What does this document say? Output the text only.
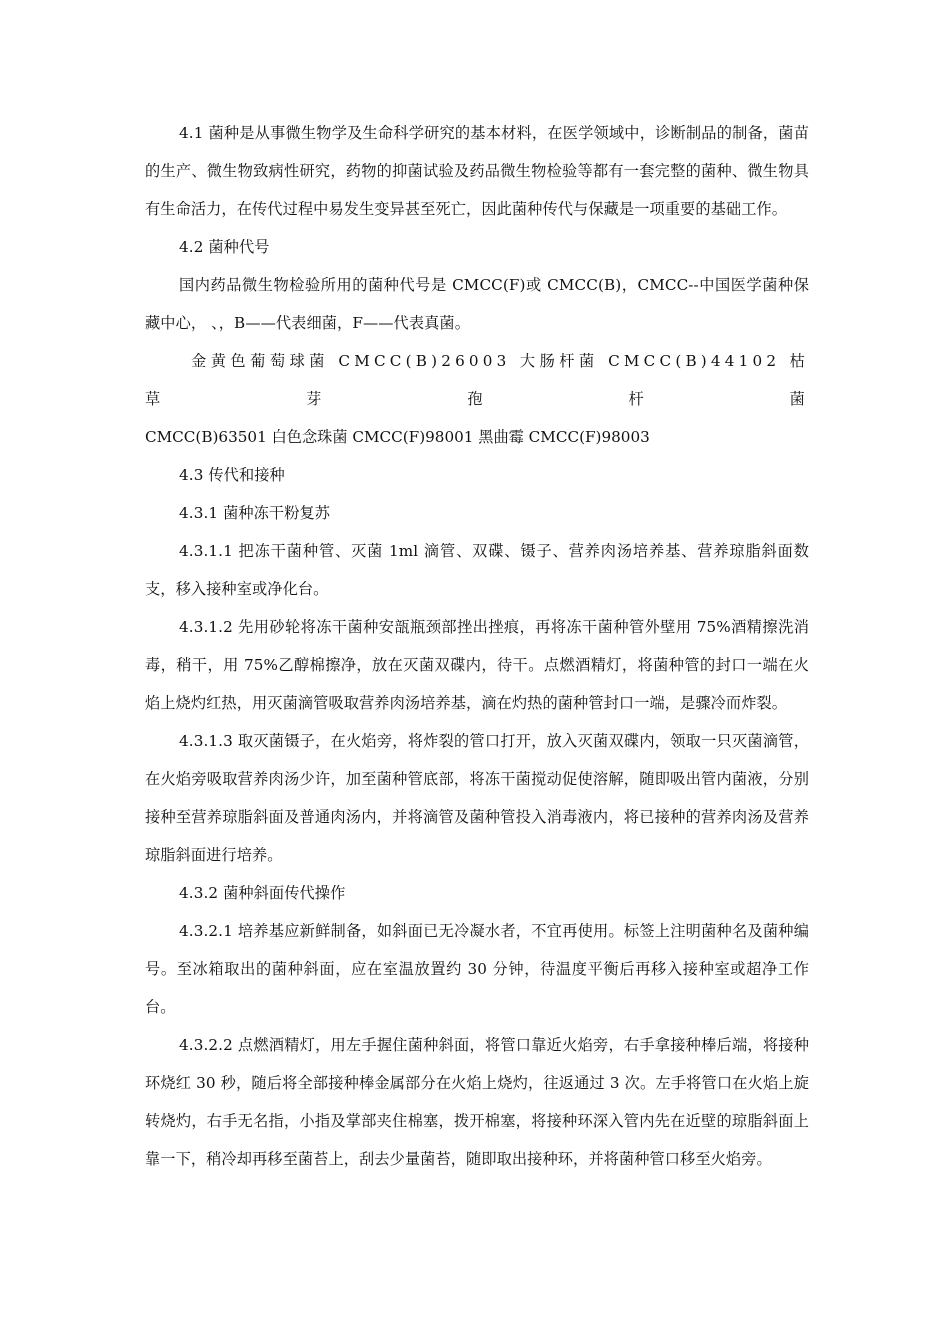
4.1 菌种是从事微生物学及生命科学研究的基本材料，在医学领域中，诊断制品的制备，菌苗的生产、微生物致病性研究，药物的抑菌试验及药品微生物检验等都有一套完整的菌种、微生物具有生命活力，在传代过程中易发生变异甚至死亡，因此菌种传代与保藏是一项重要的基础工作。

4.2 菌种代号

国内药品微生物检验所用的菌种代号是 CMCC(F)或 CMCC(B)，CMCC--中国医学菌种保藏中心， 、，B——代表细菌，F——代表真菌。

金黄色葡萄球菌 CMCC(B)26003 大肠杆菌 CMCC(B)44102 枯草芽孢杆菌

CMCC(B)63501 白色念珠菌 CMCC(F)98001 黑曲霉 CMCC(F)98003

4.3 传代和接种

4.3.1 菌种冻干粉复苏

4.3.1.1 把冻干菌种管、灭菌 1ml 滴管、双碟、镊子、营养肉汤培养基、营养琼脂斜面数支，移入接种室或净化台。

4.3.1.2 先用砂轮将冻干菌种安瓿瓶颈部挫出挫痕，再将冻干菌种管外壁用 75%酒精擦洗消毒，稍干，用 75%乙醇棉擦净，放在灭菌双碟内，待干。点燃酒精灯，将菌种管的封口一端在火焰上烧灼红热，用灭菌滴管吸取营养肉汤培养基，滴在灼热的菌种管封口一端，是骤冷而炸裂。

4.3.1.3 取灭菌镊子，在火焰旁，将炸裂的管口打开，放入灭菌双碟内，领取一只灭菌滴管，在火焰旁吸取营养肉汤少许，加至菌种管底部，将冻干菌搅动促使溶解，随即吸出管内菌液，分别接种至营养琼脂斜面及普通肉汤内，并将滴管及菌种管投入消毒液内，将已接种的营养肉汤及营养琼脂斜面进行培养。

4.3.2 菌种斜面传代操作

4.3.2.1 培养基应新鲜制备，如斜面已无冷凝水者，不宜再使用。标签上注明菌种名及菌种编号。至冰箱取出的菌种斜面，应在室温放置约 30 分钟，待温度平衡后再移入接种室或超净工作台。

4.3.2.2 点燃酒精灯，用左手握住菌种斜面，将管口靠近火焰旁，右手拿接种棒后端，将接种环烧红 30 秒，随后将全部接种棒金属部分在火焰上烧灼，往返通过 3 次。左手将管口在火焰上旋转烧灼，右手无名指，小指及掌部夹住棉塞，拨开棉塞，将接种环深入管内先在近壁的琼脂斜面上靠一下，稍冷却再移至菌苔上，刮去少量菌苔，随即取出接种环，并将菌种管口移至火焰旁。
